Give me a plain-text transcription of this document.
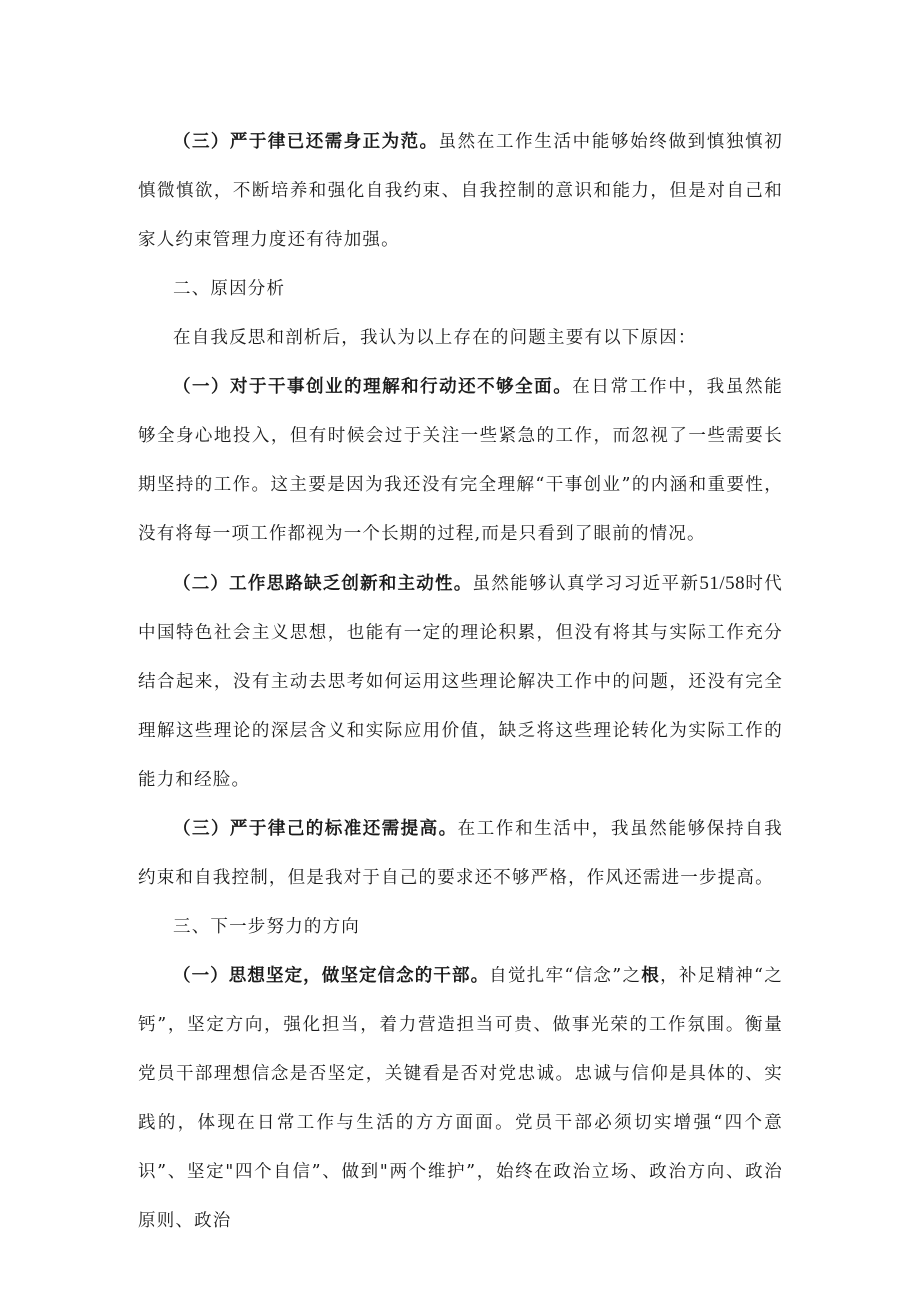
（三）严于律已还需身正为范。虽然在工作生活中能够始终做到慎独慎初慎微慎欲，不断培养和强化自我约束、自我控制的意识和能力，但是对自己和家人约束管理力度还有待加强。

二、原因分析

在自我反思和剖析后，我认为以上存在的问题主要有以下原因：

（一）对于干事创业的理解和行动还不够全面。在日常工作中，我虽然能够全身心地投入，但有时候会过于关注一些紧急的工作，而忽视了一些需要长期坚持的工作。这主要是因为我还没有完全理解“干事创业”的内涵和重要性，没有将每一项工作都视为一个长期的过程,而是只看到了眼前的情况。

（二）工作思路缺乏创新和主动性。虽然能够认真学习习近平新51/58时代中国特色社会主义思想，也能有一定的理论积累，但没有将其与实际工作充分结合起来，没有主动去思考如何运用这些理论解决工作中的问题，还没有完全理解这些理论的深层含义和实际应用价值，缺乏将这些理论转化为实际工作的能力和经脸。

（三）严于律己的标准还需提高。在工作和生活中，我虽然能够保持自我约束和自我控制，但是我对于自己的要求还不够严格，作风还需进一步提高。

三、下一步努力的方向

（一）思想坚定，做坚定信念的干部。自觉扎牢“信念”之根，补足精神“之钙”，坚定方向，强化担当，着力营造担当可贵、做事光荣的工作氛围。衡量党员干部理想信念是否坚定，关键看是否对党忠诚。忠诚与信仰是具体的、实践的，体现在日常工作与生活的方方面面。党员干部必须切实增强“四个意识”、坚定"四个自信”、做到"两个维护”，始终在政治立场、政治方向、政治原则、政治
